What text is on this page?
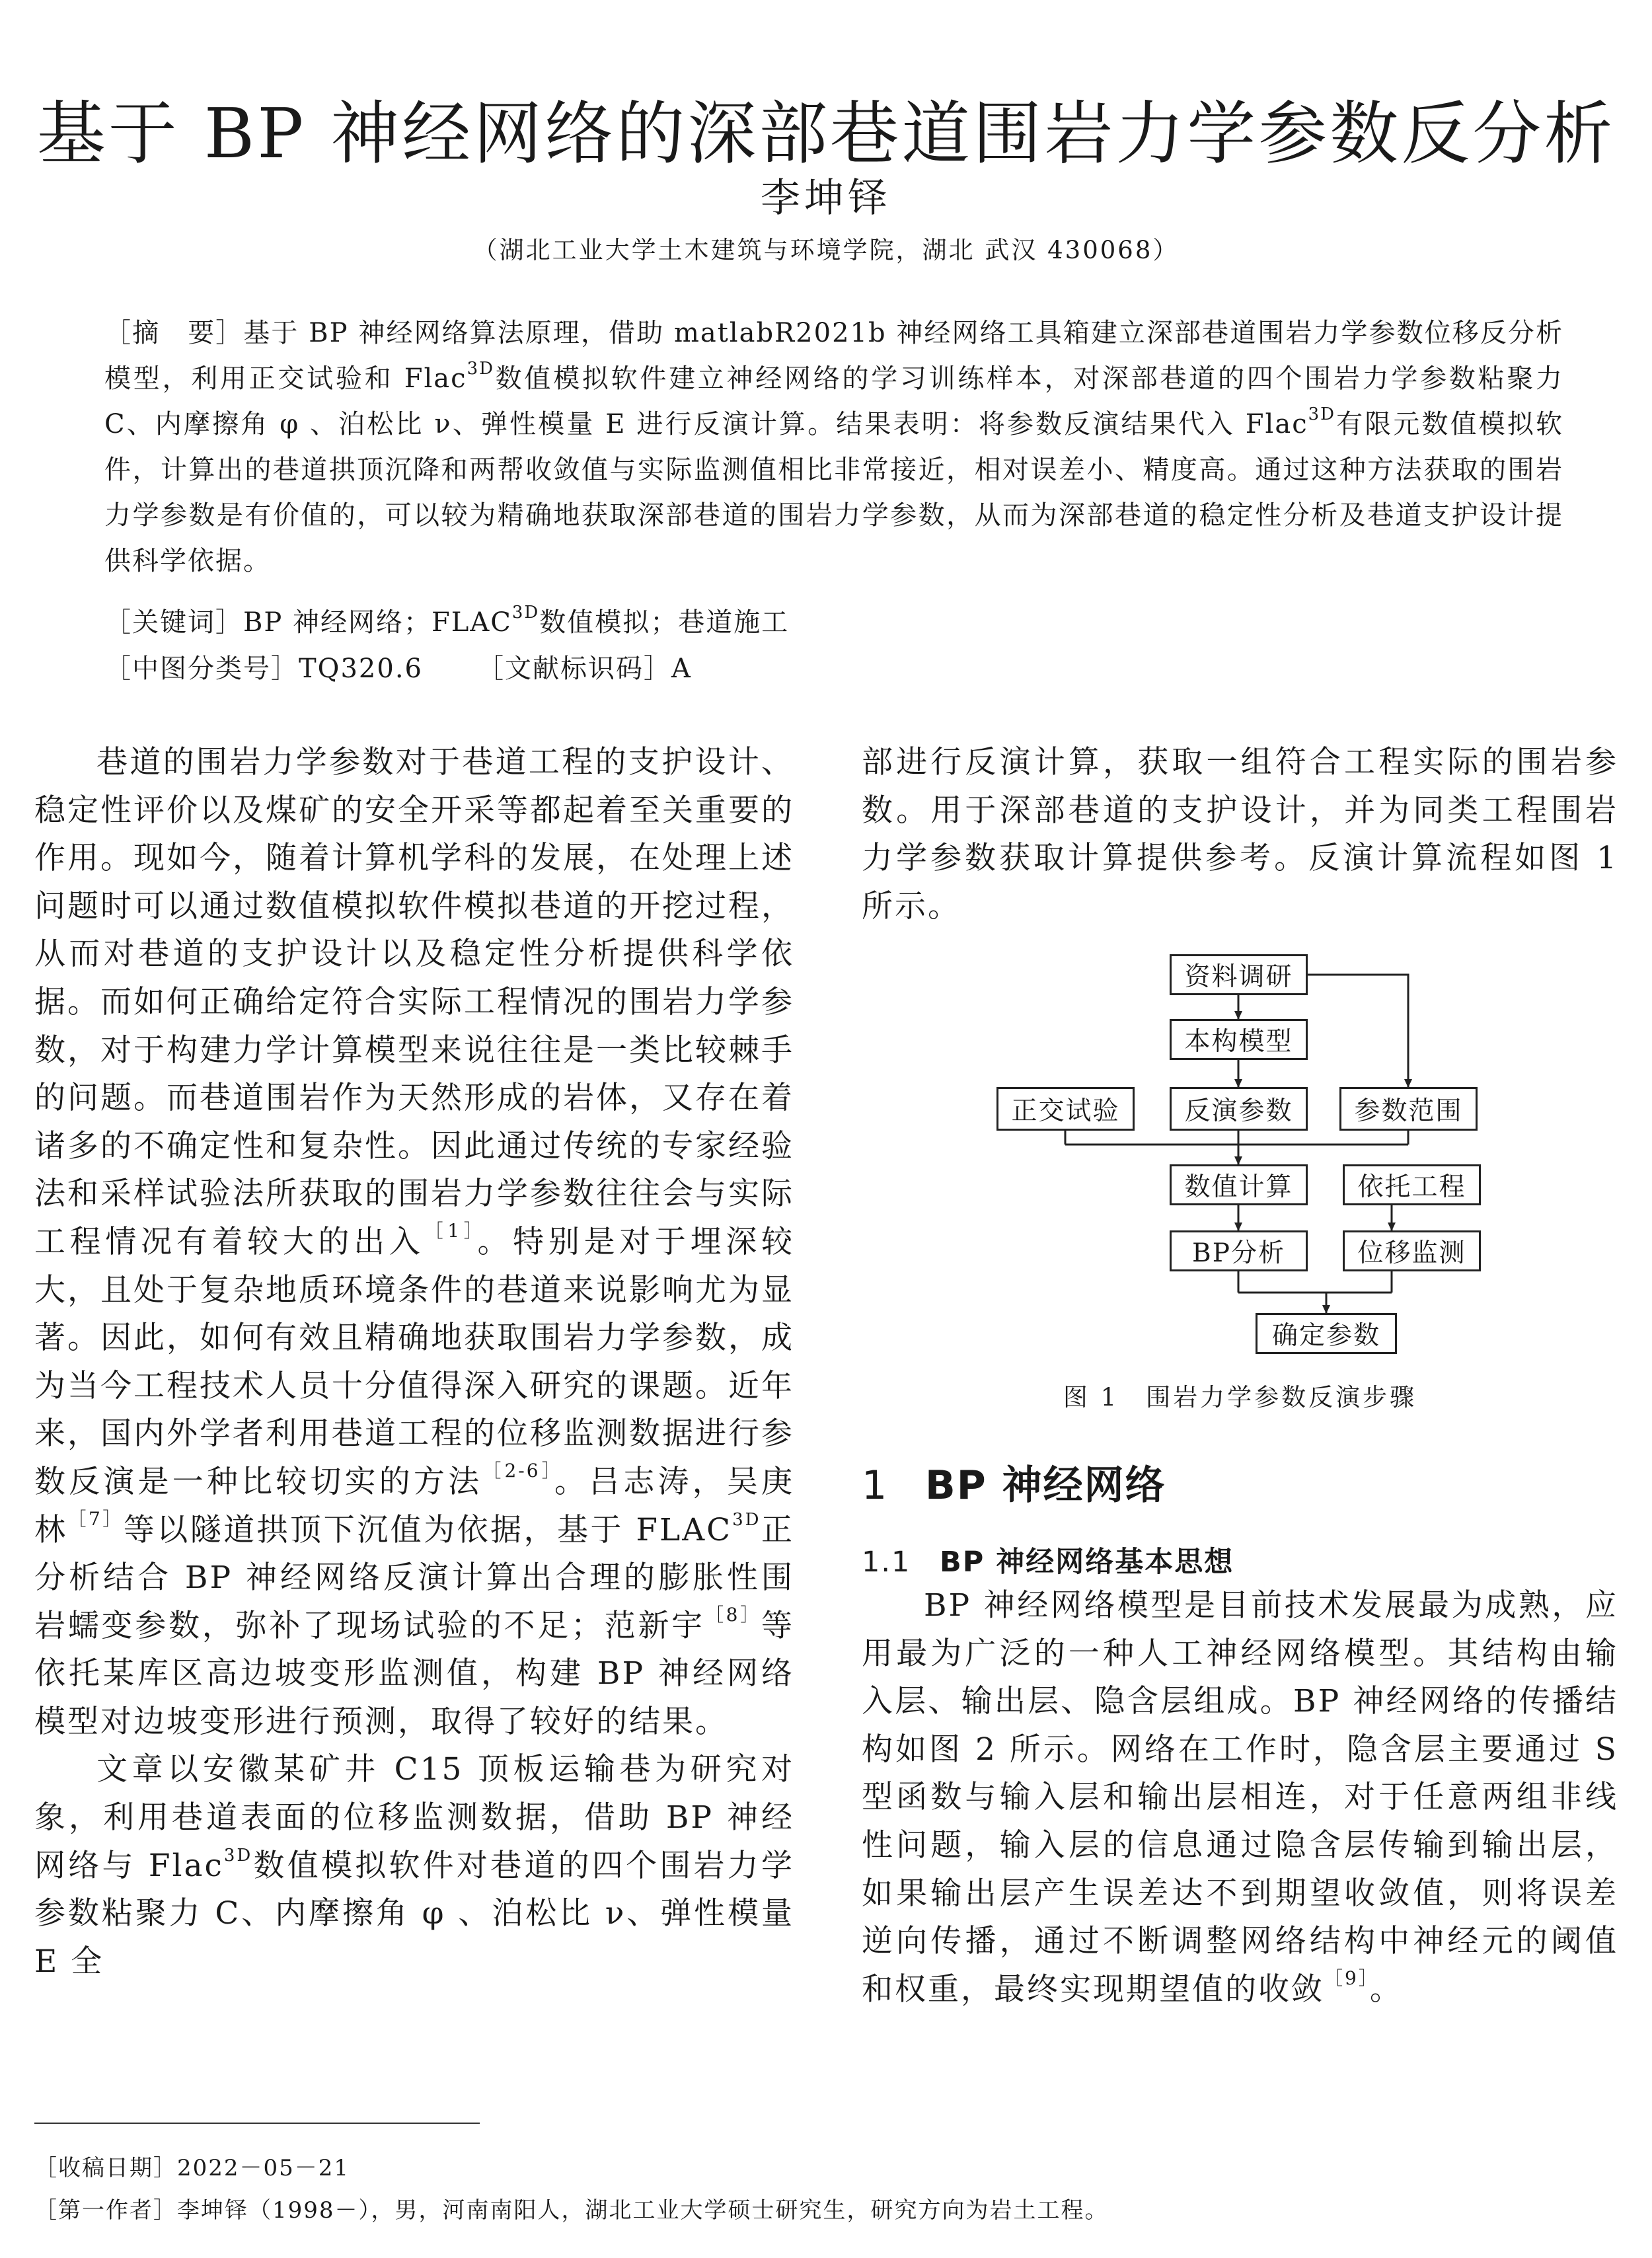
基于 BP 神经网络的深部巷道围岩力学参数反分析
李坤铎
（湖北工业大学土木建筑与环境学院，湖北 武汉 430068）
［摘　要］基于 BP 神经网络算法原理，借助 matlabR2021b 神经网络工具箱建立深部巷道围岩力学参数位移反分析模型，利用正交试验和 Flac$^{3D}$数值模拟软件建立神经网络的学习训练样本，对深部巷道的四个围岩力学参数粘聚力 C、内摩擦角 φ 、泊松比 ν、弹性模量 E 进行反演计算。结果表明：将参数反演结果代入 Flac$^{3D}$有限元数值模拟软件，计算出的巷道拱顶沉降和两帮收敛值与实际监测值相比非常接近，相对误差小、精度高。通过这种方法获取的围岩力学参数是有价值的，可以较为精确地获取深部巷道的围岩力学参数，从而为深部巷道的稳定性分析及巷道支护设计提供科学依据。
［关键词］BP 神经网络；$FLAC^{3D}$数值模拟；巷道施工
［中图分类号］TQ320.6 ［文献标识码］A

巷道的围岩力学参数对于巷道工程的支护设计、稳定性评价以及煤矿的安全开采等都起着至关重要的作用。现如今，随着计算机学科的发展，在处理上述问题时可以通过数值模拟软件模拟巷道的开挖过程，从而对巷道的支护设计以及稳定性分析提供科学依据。而如何正确给定符合实际工程情况的围岩力学参数，对于构建力学计算模型来说往往是一类比较棘手的问题。而巷道围岩作为天然形成的岩体，又存在着诸多的不确定性和复杂性。因此通过传统的专家经验法和采样试验法所获取的围岩力学参数往往会与实际工程情况有着较大的出入$^{[1]}$。特别是对于埋深较大，且处于复杂地质环境条件的巷道来说影响尤为显著。因此，如何有效且精确地获取围岩力学参数，成为当今工程技术人员十分值得深入研究的课题。近年来，国内外学者利用巷道工程的位移监测数据进行参数反演是一种比较切实的方法$^{[2-6]}$。吕志涛，吴庚林$^{[7]}$等以隧道拱顶下沉值为依据，基于 $FLAC^{3D}$正分析结合 BP 神经网络反演计算出合理的膨胀性围岩蠕变参数，弥补了现场试验的不足；范新宇$^{[8]}$等依托某库区高边坡变形监测值，构建 BP 神经网络模型对边坡变形进行预测，取得了较好的结果。

文章以安徽某矿井 C15 顶板运输巷为研究对象，利用巷道表面的位移监测数据，借助 BP 神经网络与 Flac$^{3D}$数值模拟软件对巷道的四个围岩力学参数粘聚力 C、内摩擦角 φ 、泊松比 ν、弹性模量 E 全

部进行反演计算，获取一组符合工程实际的围岩参数。用于深部巷道的支护设计，并为同类工程围岩力学参数获取计算提供参考。反演计算流程如图 1 所示。

资料调研
本构模型
正交试验	反演参数	参数范围
数值计算	依托工程
BP分析	位移监测
确定参数
图 1　围岩力学参数反演步骤
1 BP 神经网络
1.1 BP 神经网络基本思想

BP 神经网络模型是目前技术发展最为成熟，应用最为广泛的一种人工神经网络模型。其结构由输入层、输出层、隐含层组成。BP 神经网络的传播结构如图 2 所示。网络在工作时，隐含层主要通过 S 型函数与输入层和输出层相连，对于任意两组非线性问题，输入层的信息通过隐含层传输到输出层，如果输出层产生误差达不到期望收敛值，则将误差逆向传播，通过不断调整网络结构中神经元的阈值和权重，最终实现期望值的收敛$^{[9]}$。

［收稿日期］2022－05－21
［第一作者］李坤铎（1998－），男，河南南阳人，湖北工业大学硕士研究生，研究方向为岩土工程。
